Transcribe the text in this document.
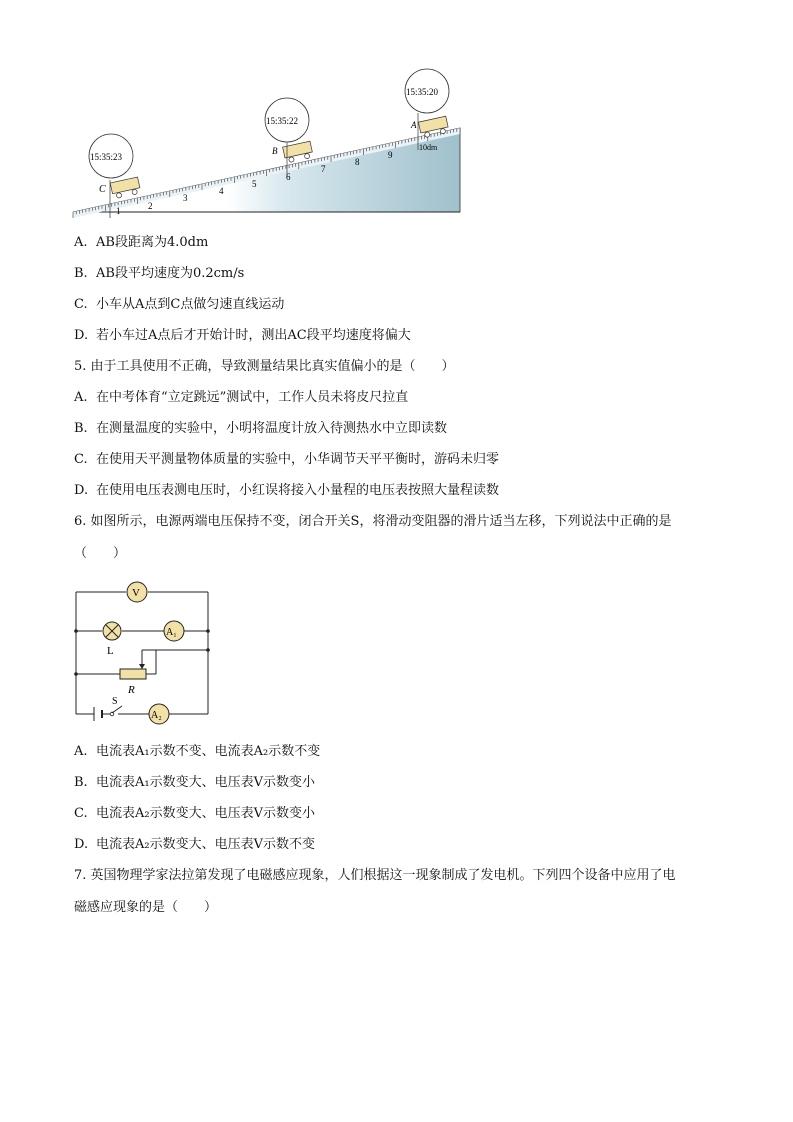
1	2
3
4
5
6
7
8
9
10dm
C
15:35:23
B
15:35:22	A
15:35:20
A. AB段距离为4.0dm
B. AB段平均速度为0.2cm/s
C. 小车从A点到C点做匀速直线运动
D. 若小车过A点后才开始计时，测出AC段平均速度将偏大
5. 由于工具使用不正确，导致测量结果比真实值偏小的是（　　）
A. 在中考体育“立定跳远”测试中，工作人员未将皮尺拉直
B. 在测量温度的实验中，小明将温度计放入待测热水中立即读数
C. 在使用天平测量物体质量的实验中，小华调节天平平衡时，游码未归零
D. 在使用电压表测电压时，小红误将接入小量程的电压表按照大量程读数
6. 如图所示，电源两端电压保持不变，闭合开关S，将滑动变阻器的滑片适当左移，下列说法中正确的是
（　　）
V
L
A₁
R
S
A₂
A. 电流表A₁示数不变、电流表A₂示数不变
B. 电流表A₁示数变大、电压表V示数变小
C. 电流表A₂示数变大、电压表V示数变小
D. 电流表A₂示数变大、电压表V示数不变
7. 英国物理学家法拉第发现了电磁感应现象，人们根据这一现象制成了发电机。下列四个设备中应用了电
磁感应现象的是（　　）
